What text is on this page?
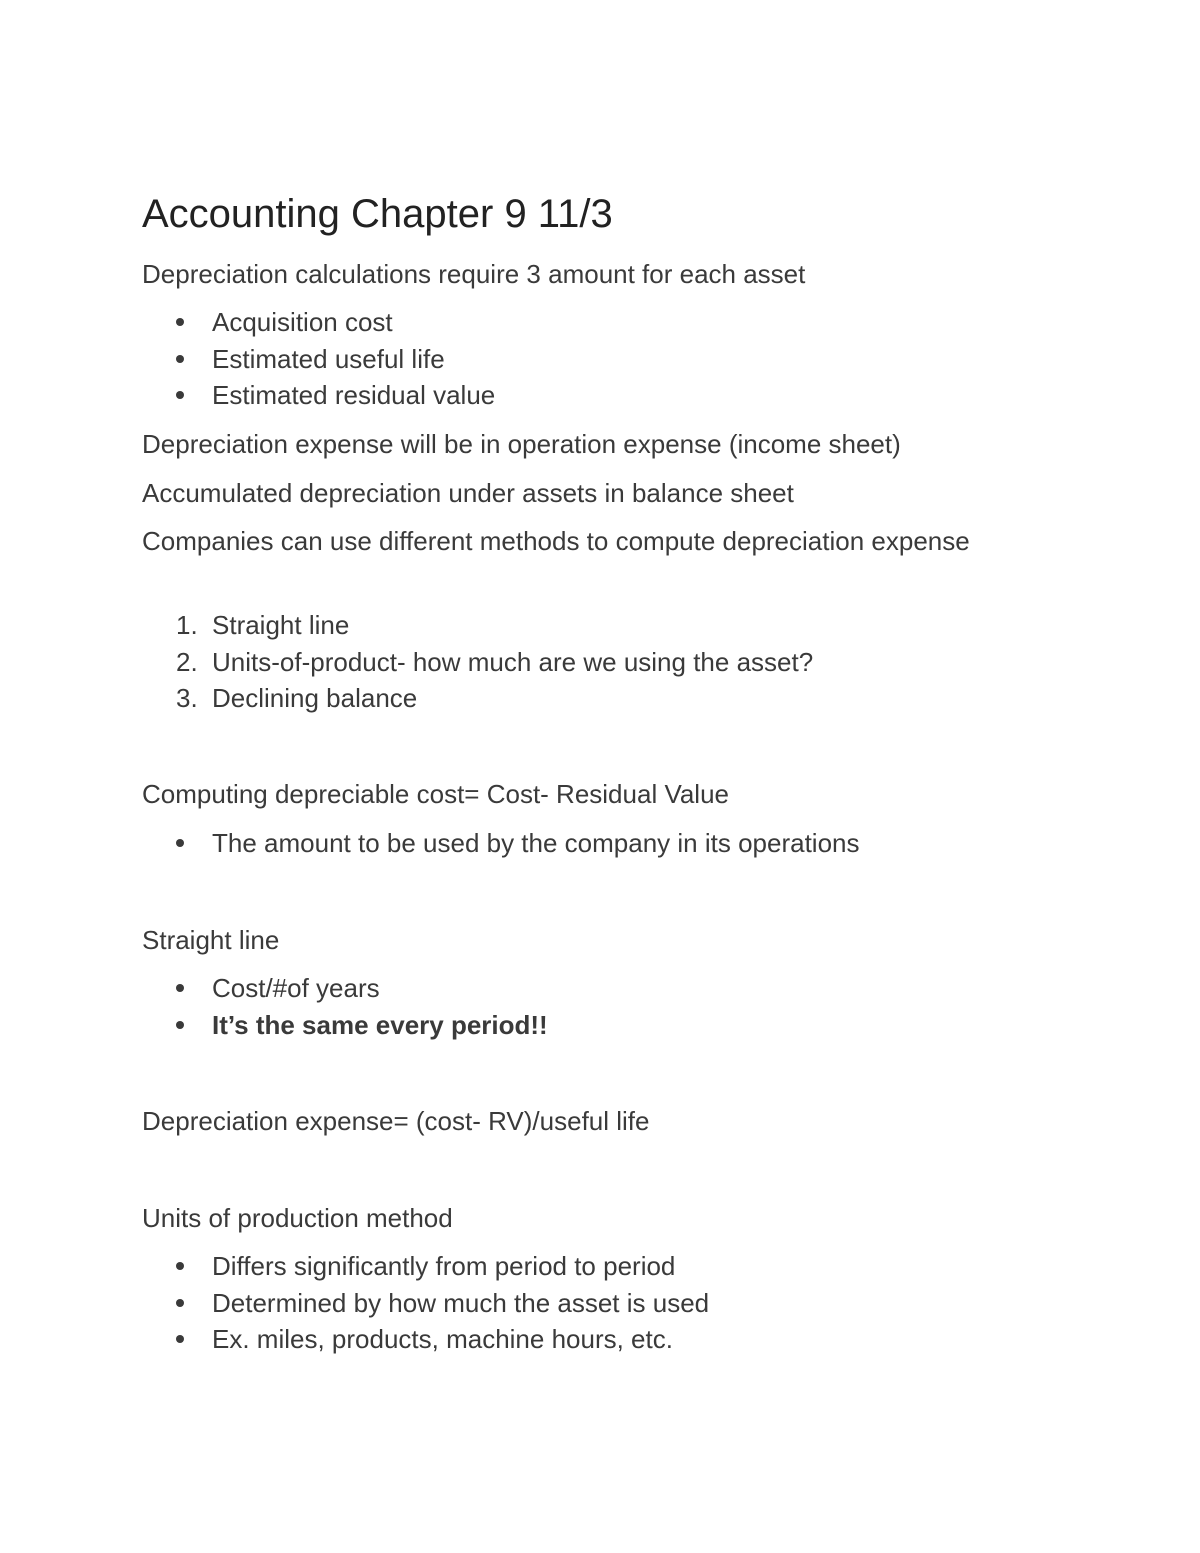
Accounting Chapter 9 11/3
Depreciation calculations require 3 amount for each asset
Acquisition cost
Estimated useful life
Estimated residual value
Depreciation expense will be in operation expense (income sheet)
Accumulated depreciation under assets in balance sheet
Companies can use different methods to compute depreciation expense
1. Straight line
2. Units-of-product- how much are we using the asset?
3. Declining balance
Computing depreciable cost= Cost- Residual Value
The amount to be used by the company in its operations
Straight line
Cost/#of years
It’s the same every period!!
Depreciation expense= (cost- RV)/useful life
Units of production method
Differs significantly from period to period
Determined by how much the asset is used
Ex. miles, products, machine hours, etc.
